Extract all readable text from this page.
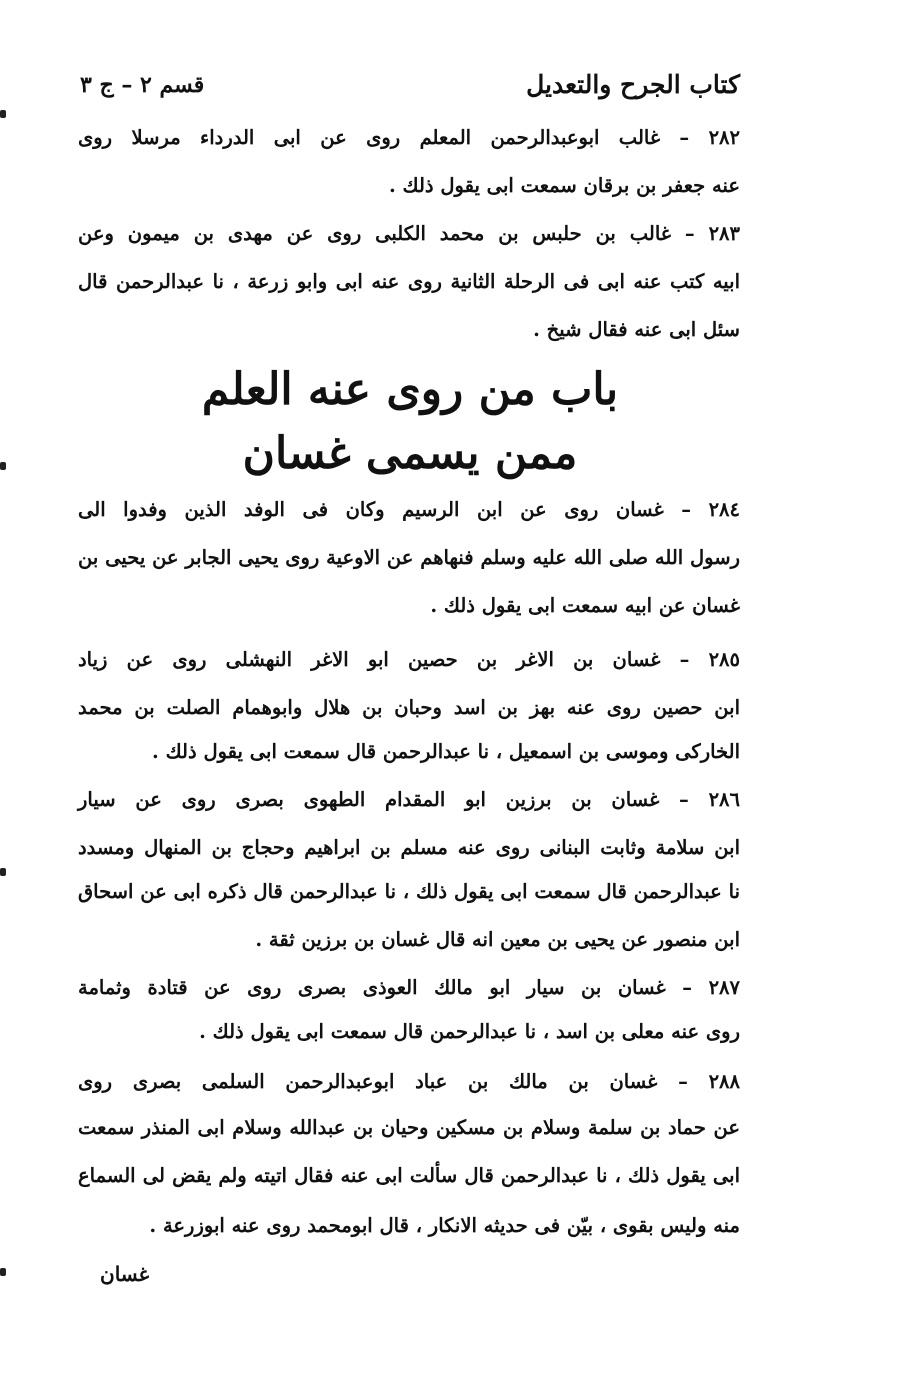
كتاب الجرح والتعديل
قسم ٢ – ج ٣
٢٨٢ – غالب ابوعبدالرحمن المعلم روى عن ابى الدرداء مرسلا روى
عنه جعفر بن برقان سمعت ابى يقول ذلك .
٢٨٣ – غالب بن حلبس بن محمد الكلبى روى عن مهدى بن ميمون وعن
ابيه كتب عنه ابى فى الرحلة الثانية روى عنه ابى وابو زرعة ، نا عبدالرحمن قال
سئل ابى عنه فقال شيخ .
باب من روى عنه العلم
ممن يسمى غسان
٢٨٤ – غسان روى عن ابن الرسيم وكان فى الوفد الذين وفدوا الى
رسول الله صلى الله عليه وسلم فنهاهم عن الاوعية روى يحيى الجابر عن يحيى بن
غسان عن ابيه سمعت ابى يقول ذلك .
٢٨٥ – غسان بن الاغر بن حصين ابو الاغر النهشلى روى عن زياد
ابن حصين روى عنه بهز بن اسد وحبان بن هلال وابوهمام الصلت بن محمد
الخاركى وموسى بن اسمعيل ، نا عبدالرحمن قال سمعت ابى يقول ذلك .
٢٨٦ – غسان بن برزين ابو المقدام الطهوى بصرى روى عن سيار
ابن سلامة وثابت البنانى روى عنه مسلم بن ابراهيم وحجاج بن المنهال ومسدد
نا عبدالرحمن قال سمعت ابى يقول ذلك ، نا عبدالرحمن قال ذكره ابى عن اسحاق
ابن منصور عن يحيى بن معين انه قال غسان بن برزين ثقة .
٢٨٧ – غسان بن سيار ابو مالك العوذى بصرى روى عن قتادة وثمامة
روى عنه معلى بن اسد ، نا عبدالرحمن قال سمعت ابى يقول ذلك .
٢٨٨ – غسان بن مالك بن عباد ابوعبدالرحمن السلمى بصرى روى
عن حماد بن سلمة وسلام بن مسكين وحيان بن عبدالله وسلام ابى المنذر سمعت
ابى يقول ذلك ، نا عبدالرحمن قال سألت ابى عنه فقال اتيته ولم يقض لى السماع
منه وليس بقوى ، بيّن فى حديثه الانكار ، قال ابومحمد روى عنه ابوزرعة .
غسان
